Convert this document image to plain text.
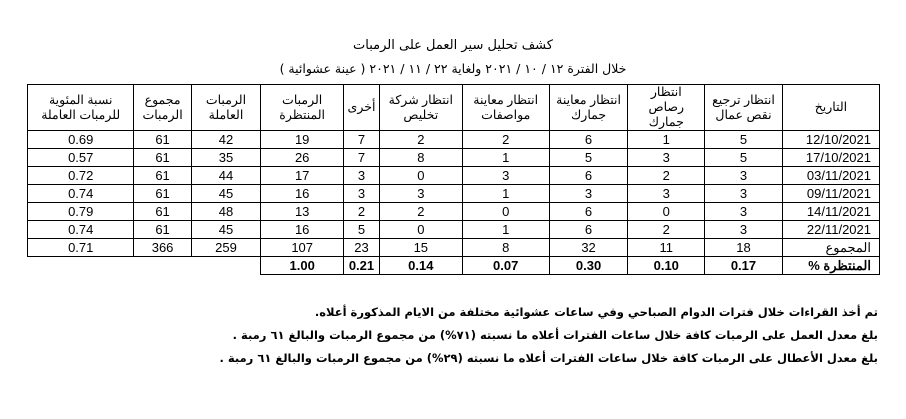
كشف تحليل سير العمل على الرمبات
خلال الفترة ١٢ / ١٠ / ٢٠٢١ ولغاية ٢٢ / ١١ / ٢٠٢١ ( عينة عشوائية )
التاريخ	انتظار ترجيع نقص عمال	انتظار رصاص جمارك	انتظار معاينة جمارك	انتظار معاينة مواصفات	انتظار شركة تخليص	أخرى	الرمبات المنتظرة	الرمبات العاملة	مجموع الرمبات	نسبة المئوية للرمبات العاملة
12/10/2021	5	1	6	2	2	7	19	42	61	0.69
17/10/2021	5	3	5	1	8	7	26	35	61	0.57
03/11/2021	3	2	6	3	0	3	17	44	61	0.72
09/11/2021	3	3	3	1	3	3	16	45	61	0.74
14/11/2021	3	0	6	0	2	2	13	48	61	0.79
22/11/2021	3	2	6	1	0	5	16	45	61	0.74
المجموع	18	11	32	8	15	23	107	259	366	0.71
المنتظرة %	0.17	0.10	0.30	0.07	0.14	0.21	1.00			
تم أخذ القراءات خلال فترات الدوام الصباحي وفي ساعات عشوائية مختلفة من الايام المذكورة أعلاه.
بلغ معدل العمل على الرمبات كافة خلال ساعات الفترات أعلاه ما نسبته (٧١%) من مجموع الرمبات والبالغ ٦١ رمبة .
بلغ معدل الأعطال على الرمبات كافة خلال ساعات الفترات أعلاه ما نسبته (٢٩%) من مجموع الرمبات والبالغ ٦١ رمبة .
